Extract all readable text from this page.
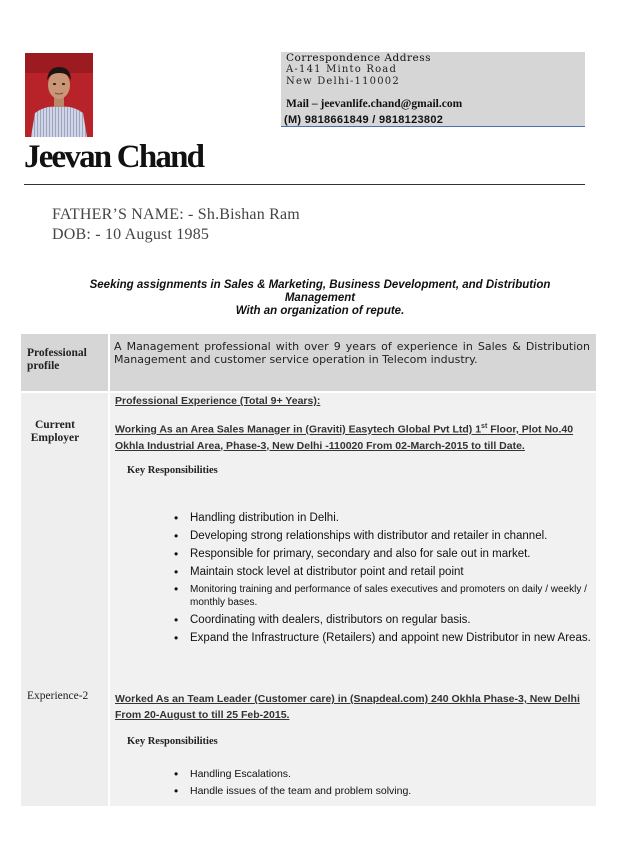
Correspondence Address
A-141 Minto Road
New Delhi-110002
Mail – jeevanlife.chand@gmail.com
(M) 9818661849 / 9818123802
Jeevan Chand
FATHER’S NAME: - Sh.Bishan Ram
DOB: - 10 August 1985
Seeking assignments in Sales & Marketing, Business Development, and Distribution
Management
With an organization of repute.
Professional profile
A Management professional with over 9 years of experience in Sales & Distribution Management and customer service operation in Telecom industry.
Current Employer
Experience-2
Professional Experience (Total 9+ Years):
Working As an Area Sales Manager in (Graviti) Easytech Global Pvt Ltd) 1st Floor, Plot No.40 Okhla Industrial Area, Phase-3, New Delhi -110020 From 02-March-2015 to till Date.
Key Responsibilities
• Handling distribution in Delhi.
• Developing strong relationships with distributor and retailer in channel.
• Responsible for primary, secondary and also for sale out in market.
• Maintain stock level at distributor point and retail point
• Monitoring training and performance of sales executives and promoters on daily / weekly / monthly bases.
• Coordinating with dealers, distributors on regular basis.
• Expand the Infrastructure (Retailers) and appoint new Distributor in new Areas.
Worked As an Team Leader (Customer care) in (Snapdeal.com) 240 Okhla Phase-3, New Delhi From 20-August to till 25 Feb-2015.
Key Responsibilities
• Handling Escalations.
• Handle issues of the team and problem solving.
